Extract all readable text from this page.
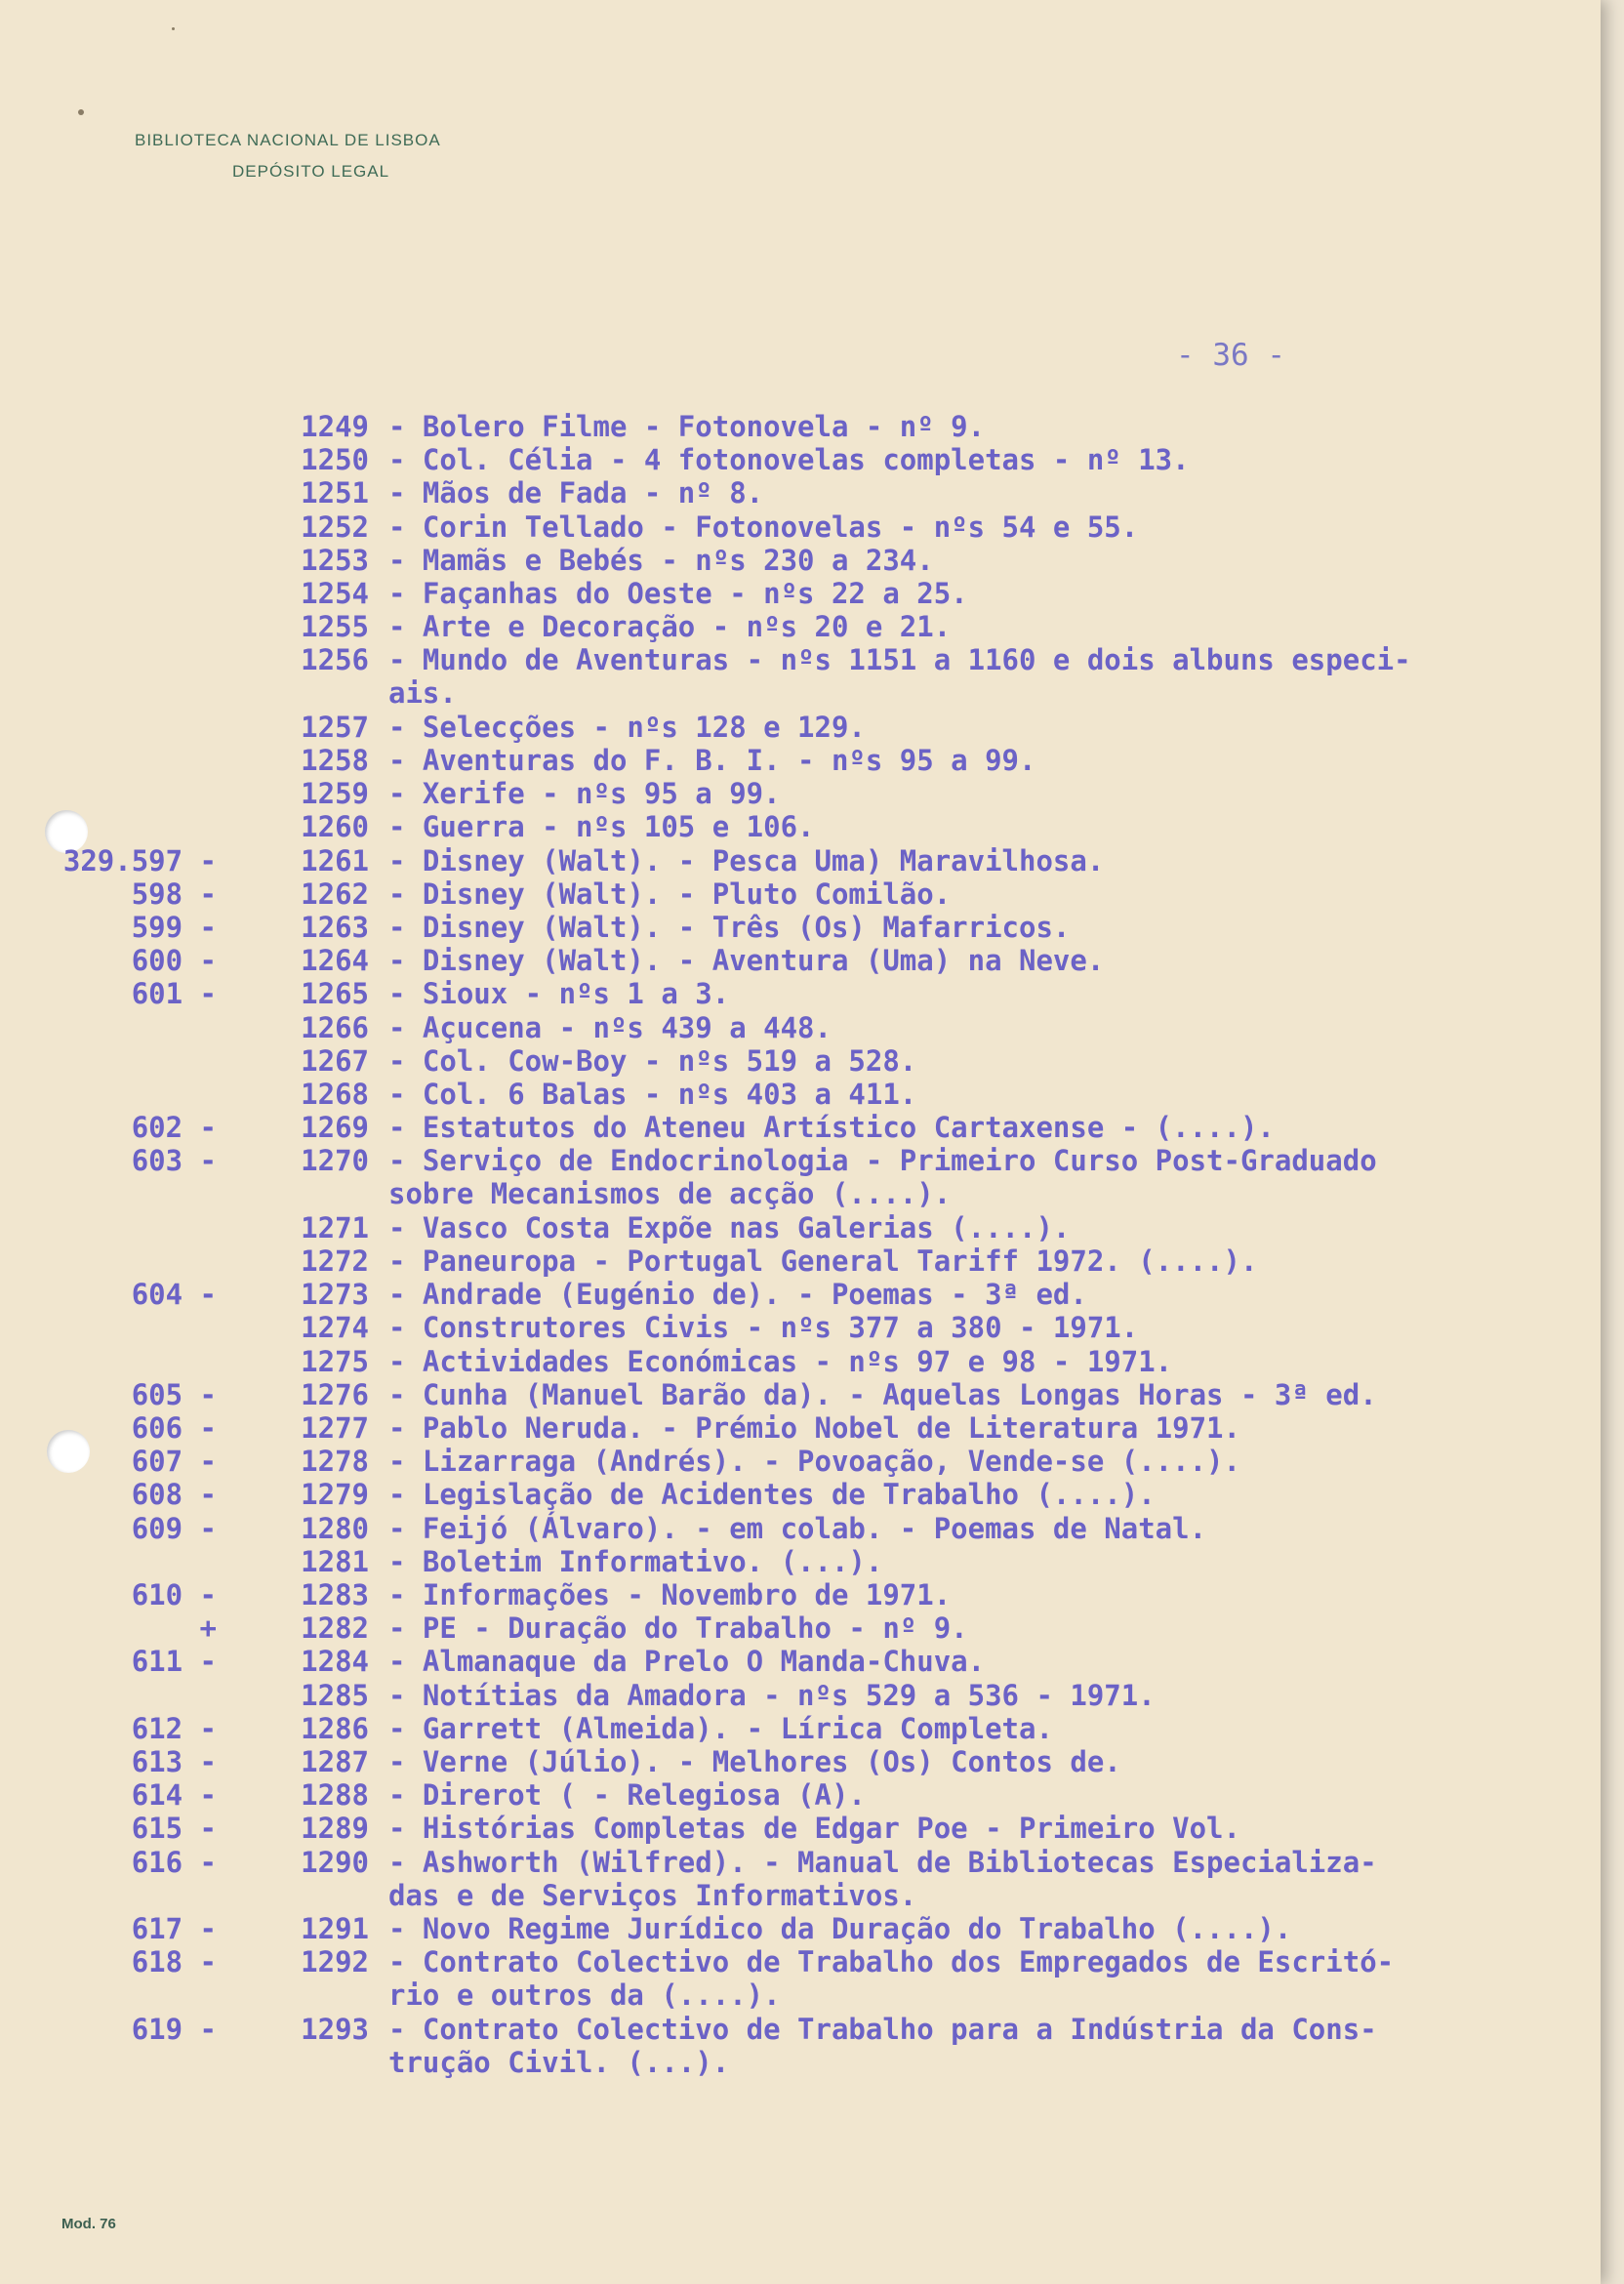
BIBLIOTECA NACIONAL DE LISBOA
DEPÓSITO LEGAL
- 36 -
1249 - Bolero Filme - Fotonovela - nº 9.
1250 - Col. Célia - 4 fotonovelas completas - nº 13.
1251 - Mãos de Fada - nº 8.
1252 - Corin Tellado - Fotonovelas - nºs 54 e 55.
1253 - Mamãs e Bebés - nºs 230 a 234.
1254 - Façanhas do Oeste - nºs 22 a 25.
1255 - Arte e Decoração - nºs 20 e 21.
1256 - Mundo de Aventuras - nºs 1151 a 1160 e dois albuns especi-
ais.
1257 - Selecções - nºs 128 e 129.
1258 - Aventuras do F. B. I. - nºs 95 a 99.
1259 - Xerife - nºs 95 a 99.
1260 - Guerra - nºs 105 e 106.
329.597 -	1261 - Disney (Walt). - Pesca Uma) Maravilhosa.
598 -	1262 - Disney (Walt). - Pluto Comilão.
599 -	1263 - Disney (Walt). - Três (Os) Mafarricos.
600 -	1264 - Disney (Walt). - Aventura (Uma) na Neve.
601 -	1265 - Sioux - nºs 1 a 3.
1266 - Açucena - nºs 439 a 448.
1267 - Col. Cow-Boy - nºs 519 a 528.
1268 - Col. 6 Balas - nºs 403 a 411.
602 -	1269 - Estatutos do Ateneu Artístico Cartaxense - (....).
603 -	1270 - Serviço de Endocrinologia - Primeiro Curso Post-Graduado
sobre Mecanismos de acção (....).
1271 - Vasco Costa Expõe nas Galerias (....).
1272 - Paneuropa - Portugal General Tariff 1972. (....).
604 -	1273 - Andrade (Eugénio de). - Poemas - 3ª ed.
1274 - Construtores Civis - nºs 377 a 380 - 1971.
1275 - Actividades Económicas - nºs 97 e 98 - 1971.
605 -	1276 - Cunha (Manuel Barão da). - Aquelas Longas Horas - 3ª ed.
606 -	1277 - Pablo Neruda. - Prémio Nobel de Literatura 1971.
607 -	1278 - Lizarraga (Andrés). - Povoação, Vende-se (....).
608 -	1279 - Legislação de Acidentes de Trabalho (....).
609 -	1280 - Feijó (Álvaro). - em colab. - Poemas de Natal.
1281 - Boletim Informativo. (...).
610 -	1283 - Informações - Novembro de 1971.
+	1282 - PE - Duração do Trabalho - nº 9.
611 -	1284 - Almanaque da Prelo O Manda-Chuva.
1285 - Notítias da Amadora - nºs 529 a 536 - 1971.
612 -	1286 - Garrett (Almeida). - Lírica Completa.
613 -	1287 - Verne (Júlio). - Melhores (Os) Contos de.
614 -	1288 - Direrot ( - Relegiosa (A).
615 -	1289 - Histórias Completas de Edgar Poe - Primeiro Vol.
616 -	1290 - Ashworth (Wilfred). - Manual de Bibliotecas Especializa-
das e de Serviços Informativos.
617 -	1291 - Novo Regime Jurídico da Duração do Trabalho (....).
618 -	1292 - Contrato Colectivo de Trabalho dos Empregados de Escritó-
rio e outros da (....).
619 -	1293 - Contrato Colectivo de Trabalho para a Indústria da Cons-
trução Civil. (...).
Mod. 76
